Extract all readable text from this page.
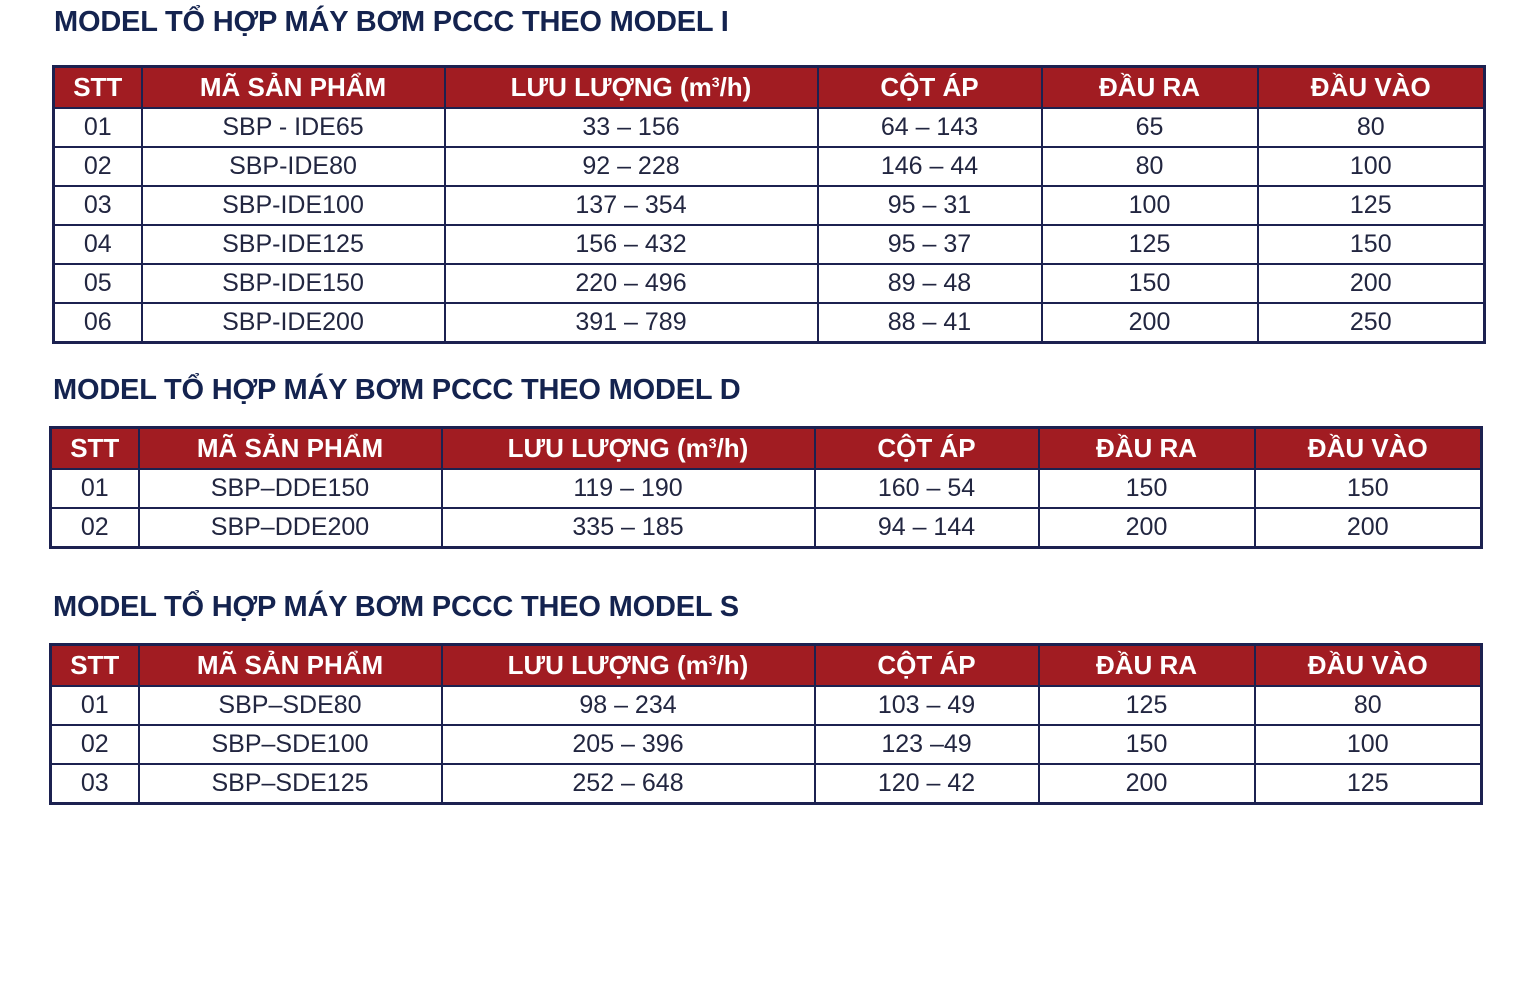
MODEL TỔ HỢP MÁY BƠM PCCC THEO MODEL I
STT	MÃ SẢN PHẨM	LƯU LƯỢNG $(m^3/h)$	CỘT ÁP	ĐẦU RA	ĐẦU VÀO
01	SBP - IDE65	33 – 156	64 – 143	65	80
02	SBP-IDE80	92 – 228	146 – 44	80	100
03	SBP-IDE100	137 – 354	95 – 31	100	125
04	SBP-IDE125	156 – 432	95 – 37	125	150
05	SBP-IDE150	220 – 496	89 – 48	150	200
06	SBP-IDE200	391 – 789	88 – 41	200	250
MODEL TỔ HỢP MÁY BƠM PCCC THEO MODEL D
STT	MÃ SẢN PHẨM	LƯU LƯỢNG $(m^3/h)$	CỘT ÁP	ĐẦU RA	ĐẦU VÀO
01	SBP–DDE150	119 – 190	160 – 54	150	150
02	SBP–DDE200	335 – 185	94 – 144	200	200
MODEL TỔ HỢP MÁY BƠM PCCC THEO MODEL S
STT	MÃ SẢN PHẨM	LƯU LƯỢNG $(m^3/h)$	CỘT ÁP	ĐẦU RA	ĐẦU VÀO
01	SBP–SDE80	98 – 234	103 – 49	125	80
02	SBP–SDE100	205 – 396	123 –49	150	100
03	SBP–SDE125	252 – 648	120 – 42	200	125
